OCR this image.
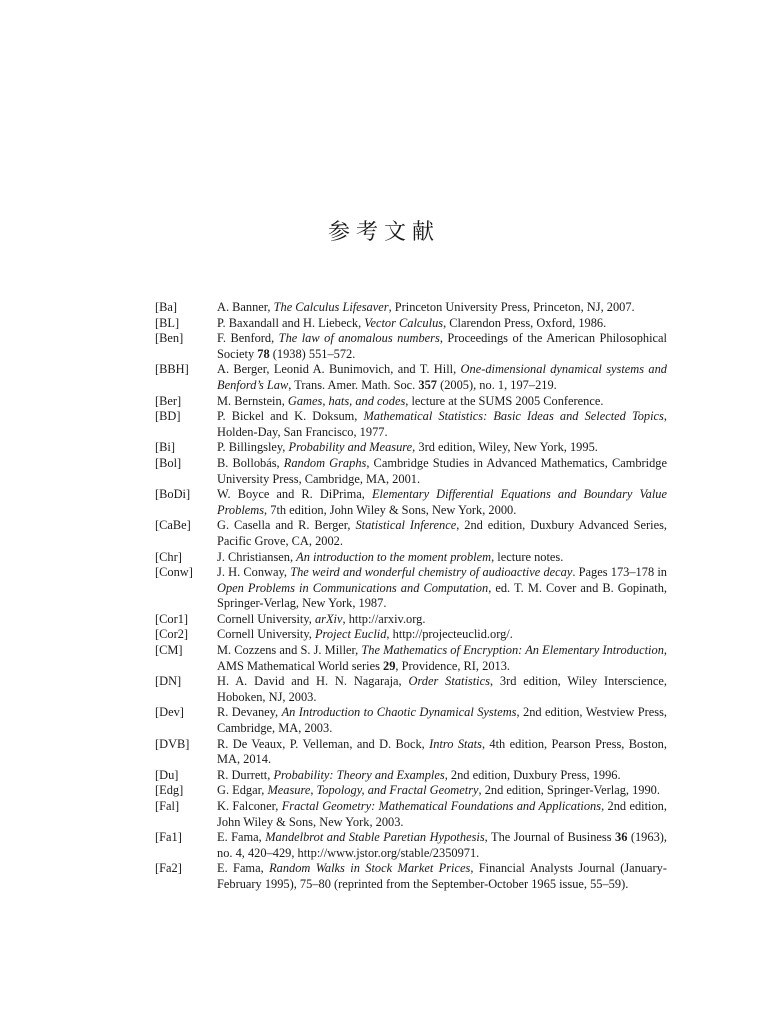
参考文献
[Ba]	A. Banner, The Calculus Lifesaver, Princeton University Press, Princeton, NJ, 2007.
[BL]	P. Baxandall and H. Liebeck, Vector Calculus, Clarendon Press, Oxford, 1986.
[Ben]	F. Benford, The law of anomalous numbers, Proceedings of the American Philosophical Society 78 (1938) 551–572.
[BBH]	A. Berger, Leonid A. Bunimovich, and T. Hill, One-dimensional dynamical systems and Benford’s Law, Trans. Amer. Math. Soc. 357 (2005), no. 1, 197–219.
[Ber]	M. Bernstein, Games, hats, and codes, lecture at the SUMS 2005 Conference.
[BD]	P. Bickel and K. Doksum, Mathematical Statistics: Basic Ideas and Selected Topics, Holden-Day, San Francisco, 1977.
[Bi]	P. Billingsley, Probability and Measure, 3rd edition, Wiley, New York, 1995.
[Bol]	B. Bollobás, Random Graphs, Cambridge Studies in Advanced Mathematics, Cambridge University Press, Cambridge, MA, 2001.
[BoDi]	W. Boyce and R. DiPrima, Elementary Differential Equations and Boundary Value Problems, 7th edition, John Wiley & Sons, New York, 2000.
[CaBe]	G. Casella and R. Berger, Statistical Inference, 2nd edition, Duxbury Advanced Series, Pacific Grove, CA, 2002.
[Chr]	J. Christiansen, An introduction to the moment problem, lecture notes.
[Conw]	J. H. Conway, The weird and wonderful chemistry of audioactive decay. Pages 173–178 in Open Problems in Communications and Computation, ed. T. M. Cover and B. Gopinath, Springer-Verlag, New York, 1987.
[Cor1]	Cornell University, arXiv, http://arxiv.org.
[Cor2]	Cornell University, Project Euclid, http://projecteuclid.org/.
[CM]	M. Cozzens and S. J. Miller, The Mathematics of Encryption: An Elementary Introduction, AMS Mathematical World series 29, Providence, RI, 2013.
[DN]	H. A. David and H. N. Nagaraja, Order Statistics, 3rd edition, Wiley Interscience, Hoboken, NJ, 2003.
[Dev]	R. Devaney, An Introduction to Chaotic Dynamical Systems, 2nd edition, Westview Press, Cambridge, MA, 2003.
[DVB]	R. De Veaux, P. Velleman, and D. Bock, Intro Stats, 4th edition, Pearson Press, Boston, MA, 2014.
[Du]	R. Durrett, Probability: Theory and Examples, 2nd edition, Duxbury Press, 1996.
[Edg]	G. Edgar, Measure, Topology, and Fractal Geometry, 2nd edition, Springer-Verlag, 1990.
[Fal]	K. Falconer, Fractal Geometry: Mathematical Foundations and Applications, 2nd edition, John Wiley & Sons, New York, 2003.
[Fa1]	E. Fama, Mandelbrot and Stable Paretian Hypothesis, The Journal of Business 36 (1963), no. 4, 420–429, http://www.jstor.org/stable/2350971.
[Fa2]	E. Fama, Random Walks in Stock Market Prices, Financial Analysts Journal (January-February 1995), 75–80 (reprinted from the September-October 1965 issue, 55–59).
